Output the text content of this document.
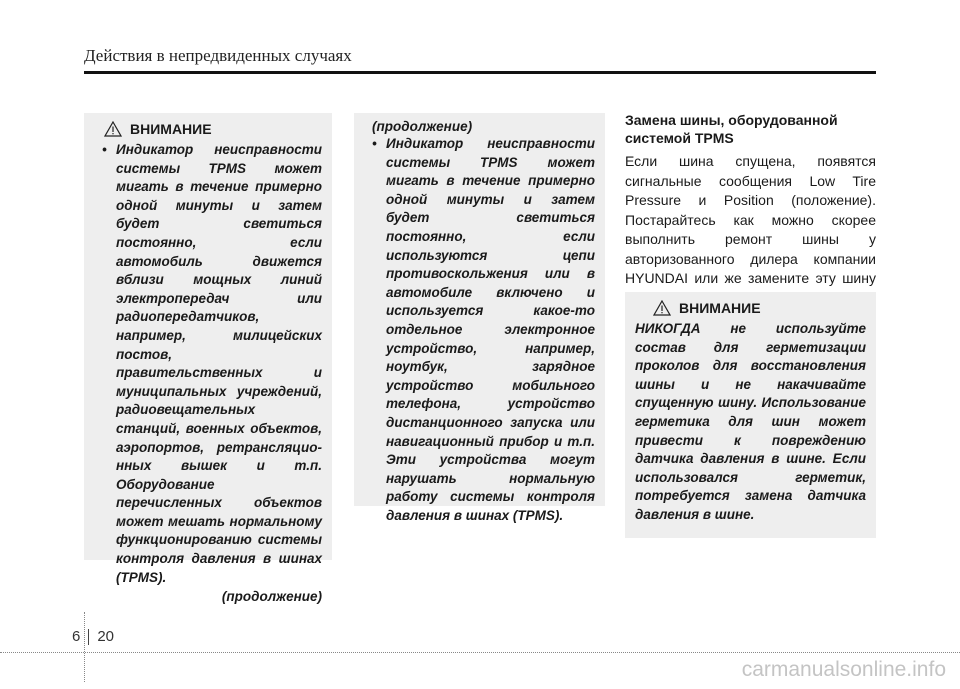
Действия в непредвиденных случаях
ВНИМАНИЕ
• Индикатор неисправности системы TPMS может мигать в течение примерно одной минуты и затем будет светиться постоянно, если автомобиль движется вблизи мощных линий электропередач или радиопередатчиков, например, милицейских постов, правительственных и муниципальных учреждений, радиовещательных станций, военных объектов, аэропортов, ретрансляцио-нных вышек и т.п. Оборудование перечисленных объектов может мешать нормальному функционированию системы контроля давления в шинах (TPMS).
(продолжение)
(продолжение)
• Индикатор неисправности системы TPMS может мигать в течение примерно одной минуты и затем будет светиться постоянно, если используются цепи противоскольжения или в автомобиле включено и используется какое-то отдельное электронное устройство, например, ноутбук, зарядное устройство мобильного телефона, устройство дистанционного запуска или навигационный прибор и т.п. Эти устройства могут нарушать нормальную работу системы контроля давления в шинах (TPMS).
Замена шины, оборудованной системой TPMS

Если шина спущена, появятся сигнальные сообщения Low Tire Pressure и Position (положение). Постарайтесь как можно скорее выполнить ремонт шины у авторизованного дилера компании HYUNDAI или же замените эту шину

ВНИМАНИЕ
НИКОГДА не используйте состав для герметизации проколов для восстановления шины и не накачивайте спущенную шину. Использование герметика для шин может привести к повреждению датчика давления в шине. Если использовался герметик, потребуется замена датчика давления в шине.
6 20
carmanualsonline.info
